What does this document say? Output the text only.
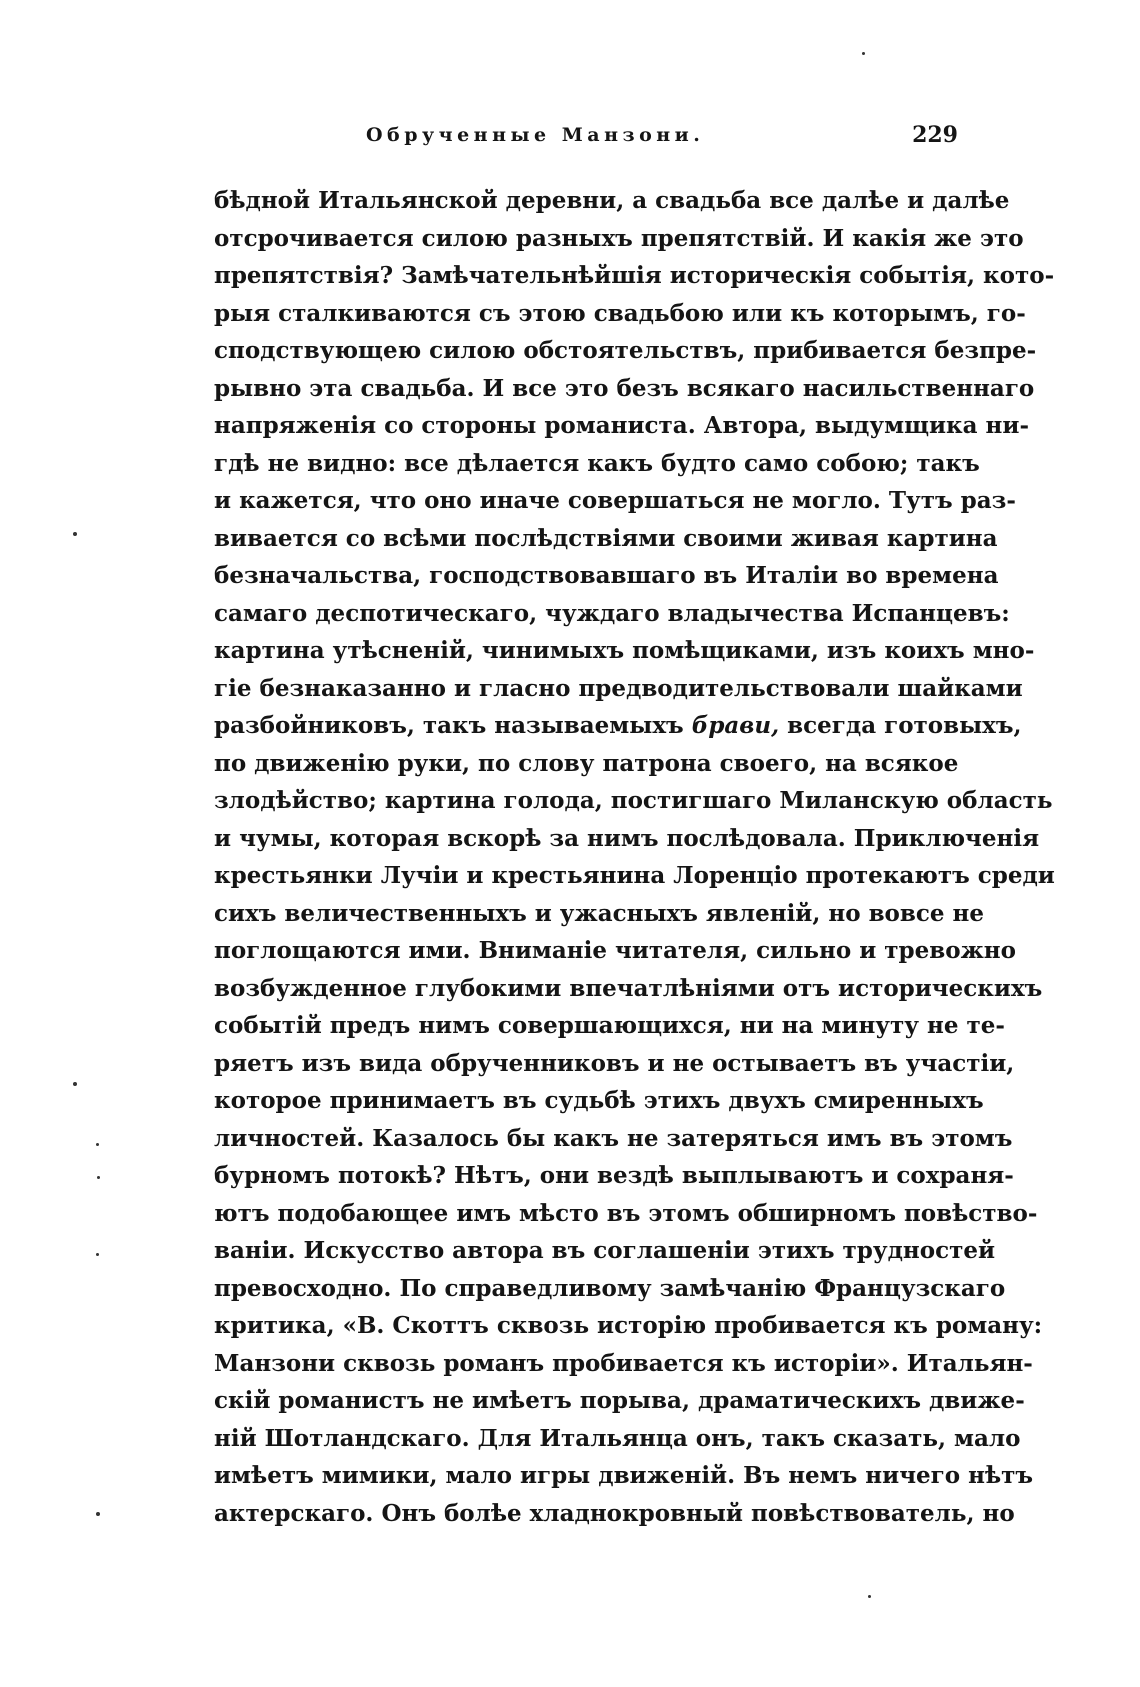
Обрученные Манзони.	229
бѣдной Итальянской деревни, а свадьба все далѣе и далѣе
отсрочивается силою разныхъ препятствій. И какія же это
препятствія? Замѣчательнѣйшія историческія событія, кото-
рыя сталкиваются съ этою свадьбою или къ которымъ, го-
сподствующею силою обстоятельствъ, прибивается безпре-
рывно эта свадьба. И все это безъ всякаго насильственнаго
напряженія со стороны романиста. Автора, выдумщика ни-
гдѣ не видно: все дѣлается какъ будто само собою; такъ
и кажется, что оно иначе совершаться не могло. Тутъ раз-
вивается со всѣми послѣдствіями своими живая картина
безначальства, господствовавшаго въ Италіи во времена
самаго деспотическаго, чуждаго владычества Испанцевъ:
картина утѣсненій, чинимыхъ помѣщиками, изъ коихъ мно-
гіе безнаказанно и гласно предводительствовали шайками
разбойниковъ, такъ называемыхъ брави, всегда готовыхъ,
по движенію руки, по слову патрона своего, на всякое
злодѣйство; картина голода, постигшаго Миланскую область
и чумы, которая вскорѣ за нимъ послѣдовала. Приключенія
крестьянки Лучіи и крестьянина Лоренціо протекаютъ среди
сихъ величественныхъ и ужасныхъ явленій, но вовсе не
поглощаются ими. Вниманіе читателя, сильно и тревожно
возбужденное глубокими впечатлѣніями отъ историческихъ
событій предъ нимъ совершающихся, ни на минуту не те-
ряетъ изъ вида обрученниковъ и не остываетъ въ участіи,
которое принимаетъ въ судьбѣ этихъ двухъ смиренныхъ
личностей. Казалось бы какъ не затеряться имъ въ этомъ
бурномъ потокѣ? Нѣтъ, они вездѣ выплываютъ и сохраня-
ютъ подобающее имъ мѣсто въ этомъ обширномъ повѣство-
ваніи. Искусство автора въ соглашеніи этихъ трудностей
превосходно. По справедливому замѣчанію Французскаго
критика, «В. Скоттъ сквозь исторію пробивается къ роману:
Манзони сквозь романъ пробивается къ исторіи». Итальян-
скій романистъ не имѣетъ порыва, драматическихъ движе-
ній Шотландскаго. Для Итальянца онъ, такъ сказать, мало
имѣетъ мимики, мало игры движеній. Въ немъ ничего нѣтъ
актерскаго. Онъ болѣе хладнокровный повѣствователь, но
